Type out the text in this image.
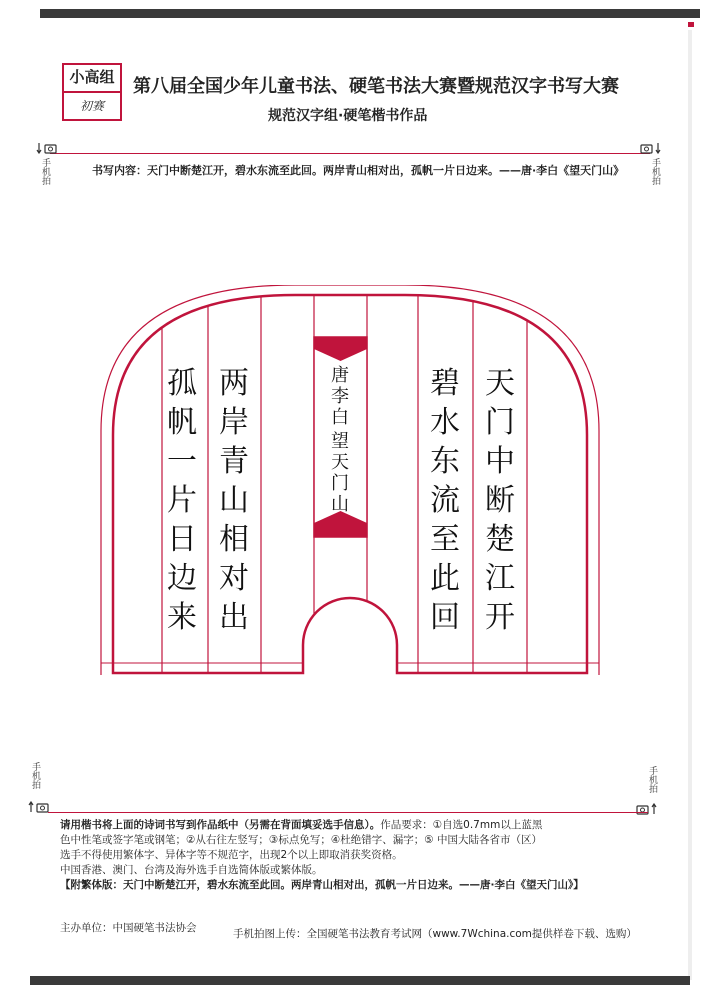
小高组
初赛
第八届全国少年儿童书法、硬笔书法大赛暨规范汉字书写大赛
规范汉字组·硬笔楷书作品
手机拍	手机拍
书写内容：天门中断楚江开，碧水东流至此回。两岸青山相对出，孤帆一片日边来。——唐·李白《望天门山》
天
门
中
断
楚
江
开
碧
水
东
流
至
此
回
唐
李
白
望
天
门
山
两
岸
青
山
相
对
出
孤
帆
一
片
日
边
来
手机拍	手机拍
请用楷书将上面的诗词书写到作品纸中（另需在背面填妥选手信息）。作品要求：①自选0.7mm以上蓝黑
色中性笔或签字笔或钢笔；②从右往左竖写；③标点免写；④杜绝错字、漏字；⑤ 中国大陆各省市（区）
选手不得使用繁体字、异体字等不规范字，出现2个以上即取消获奖资格。
中国香港、澳门、台湾及海外选手自选简体版或繁体版。
【附繁体版：天门中断楚江开，碧水东流至此回。两岸青山相对出，孤帆一片日边来。——唐·李白《望天门山》】
主办单位：中国硬笔书法协会	手机拍图上传：全国硬笔书法教育考试网（www.7Wchina.com提供样卷下载、选购）
